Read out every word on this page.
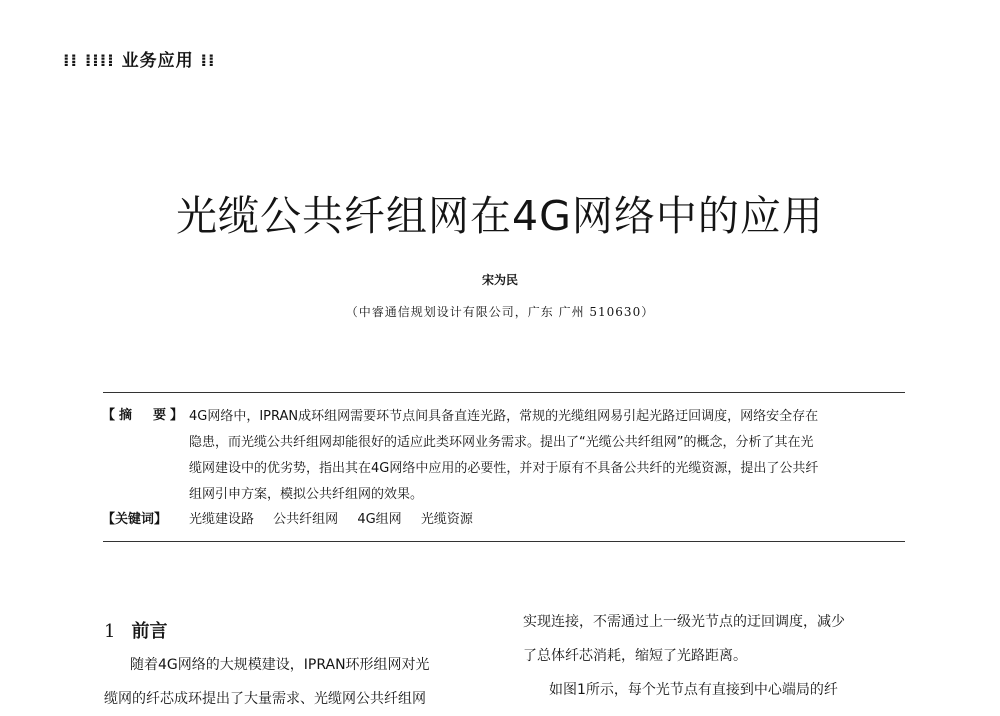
⁞⁞ ⁞⁞⁞⁞ 业务应用 ⁞⁞
光缆公共纤组网在4G网络中的应用
宋为民
（中睿通信规划设计有限公司，广东 广州 510630）
【摘　要】 4G网络中，IPRAN成环组网需要环节点间具备直连光路，常规的光缆组网易引起光路迂回调度，网络安全存在
隐患，而光缆公共纤组网却能很好的适应此类环网业务需求。提出了“光缆公共纤组网”的概念，分析了其在光
缆网建设中的优劣势，指出其在4G网络中应用的必要性，并对于原有不具备公共纤的光缆资源，提出了公共纤
组网引申方案，模拟公共纤组网的效果。
【关键词】 光缆建设路 公共纤组网 4G组网 光缆资源
1 前言
随着4G网络的大规模建设，IPRAN环形组网对光
缆网的纤芯成环提出了大量需求、光缆网公共纤组网
实现连接，不需通过上一级光节点的迂回调度，减少
了总体纤芯消耗，缩短了光路距离。
如图1所示，每个光节点有直接到中心端局的纤
